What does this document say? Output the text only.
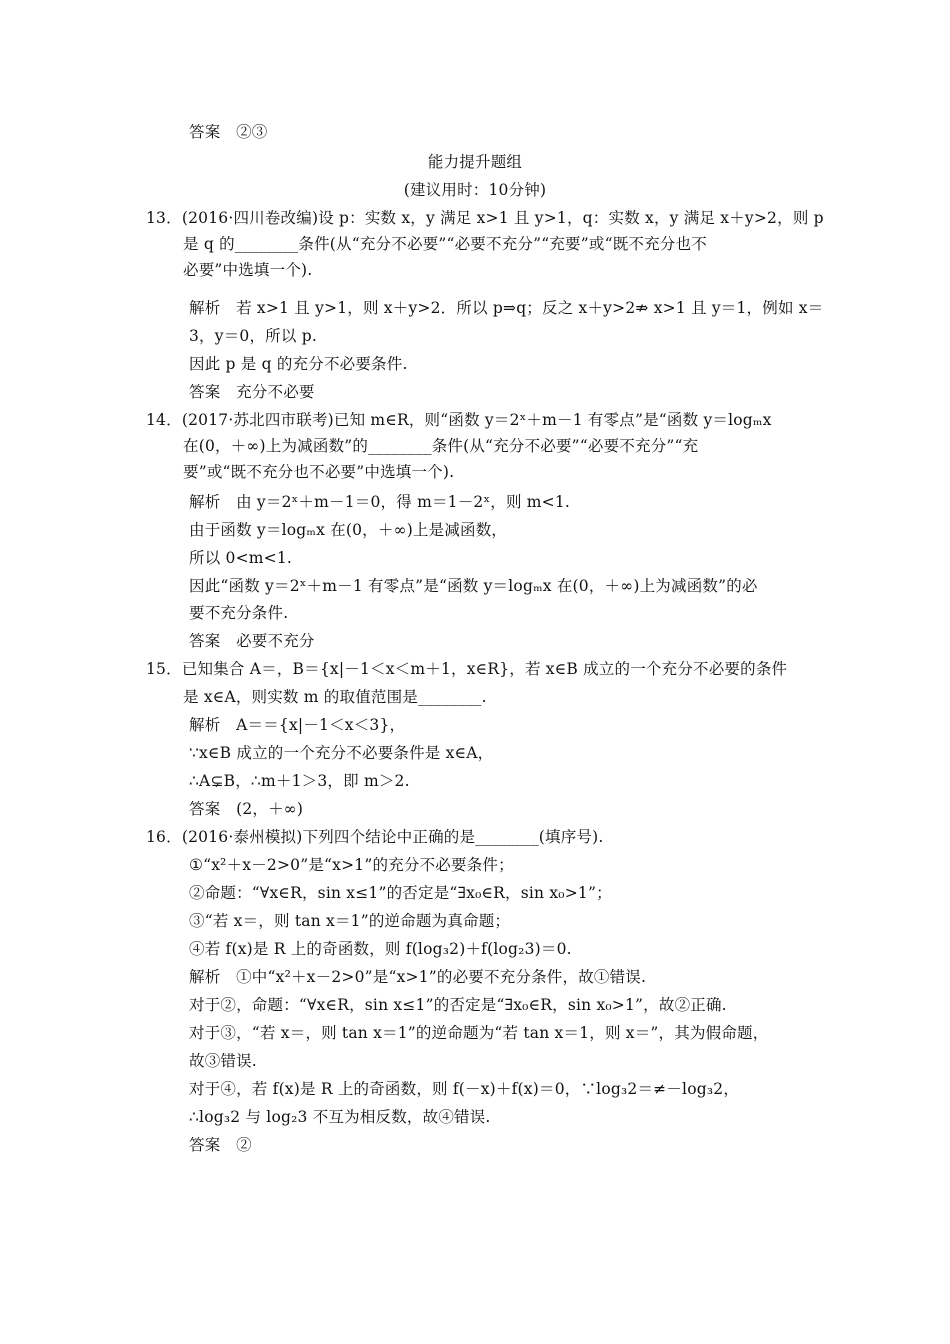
答案　②③
能力提升题组
(建议用时：10分钟)
13．(2016·四川卷改编)设 p：实数 x，y 满足 x>1 且 y>1，q：实数 x，y 满足 x＋y>2，则 p
是 q 的________条件(从“充分不必要”“必要不充分”“充要”或“既不充分也不
必要”中选填一个).
解析　若 x>1 且 y>1，则 x＋y>2．所以 p⇒q；反之 x＋y>2⇏ x>1 且 y＝1，例如 x＝
3，y＝0，所以 p.
因此 p 是 q 的充分不必要条件.
答案　充分不必要
14．(2017·苏北四市联考)已知 m∈R，则“函数 y＝2ˣ＋m－1 有零点”是“函数 y＝logₘx
在(0，＋∞)上为减函数”的________条件(从“充分不必要”“必要不充分”“充
要”或“既不充分也不必要”中选填一个).
解析　由 y＝2ˣ＋m－1＝0，得 m＝1－2ˣ，则 m<1.
由于函数 y＝logₘx 在(0，＋∞)上是减函数，
所以 0<m<1.
因此“函数 y＝2ˣ＋m－1 有零点”是“函数 y＝logₘx 在(0，＋∞)上为减函数”的必
要不充分条件.
答案　必要不充分
15．已知集合 A＝，B＝{x|－1＜x＜m＋1，x∈R}，若 x∈B 成立的一个充分不必要的条件
是 x∈A，则实数 m 的取值范围是________.
解析　A＝＝{x|－1＜x＜3}，
∵x∈B 成立的一个充分不必要条件是 x∈A，
∴A⊊B，∴m＋1＞3，即 m＞2.
答案　(2，＋∞)
16．(2016·泰州模拟)下列四个结论中正确的是________(填序号).
①“x²＋x－2>0”是“x>1”的充分不必要条件；
②命题：“∀x∈R，sin x≤1”的否定是“∃x₀∈R，sin x₀>1”；
③“若 x＝，则 tan x＝1”的逆命题为真命题；
④若 f(x)是 R 上的奇函数，则 f(log₃2)＋f(log₂3)＝0.
解析　①中“x²＋x－2>0”是“x>1”的必要不充分条件，故①错误.
对于②，命题：“∀x∈R，sin x≤1”的否定是“∃x₀∈R，sin x₀>1”，故②正确.
对于③，“若 x＝，则 tan x＝1”的逆命题为“若 tan x＝1，则 x＝”，其为假命题，
故③错误.
对于④，若 f(x)是 R 上的奇函数，则 f(－x)＋f(x)＝0，∵log₃2＝≠－log₃2，
∴log₃2 与 log₂3 不互为相反数，故④错误.
答案　②
